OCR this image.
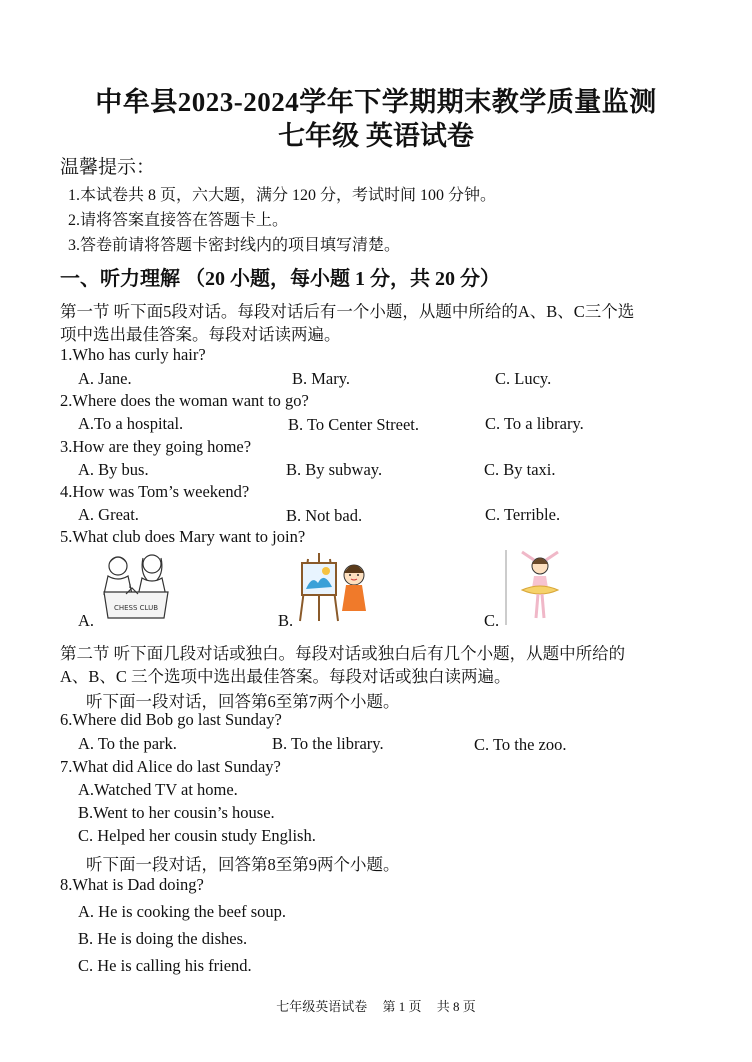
中牟县2023-2024学年下学期期末教学质量监测
七年级 英语试卷
温馨提示：
1.本试卷共 8 页，六大题，满分 120 分，考试时间 100 分钟。
2.请将答案直接答在答题卡上。
3.答卷前请将答题卡密封线内的项目填写清楚。
一、听力理解 （20 小题，每小题 1 分，共 20 分）
第一节 听下面5段对话。每段对话后有一个小题，从题中所给的A、B、C三个选
项中选出最佳答案。每段对话读两遍。
1.Who has curly hair?
A. Jane.	B. Mary.	C. Lucy.
2.Where does the woman want to go?
A.To a hospital.	B. To Center Street.	C. To a library.
3.How are they going home?
A. By bus.	B. By subway.	C. By taxi.
4.How was Tom’s weekend?
A. Great.	B. Not bad.	C. Terrible.
5.What club does Mary want to join?
CHESS CLUB
A.	B.	C.
第二节 听下面几段对话或独白。每段对话或独白后有几个小题，从题中所给的
A、B、C 三个选项中选出最佳答案。每段对话或独白读两遍。
听下面一段对话，回答第6至第7两个小题。
6.Where did Bob go last Sunday?
A. To the park.	B. To the library.	C. To the zoo.
7.What did Alice do last Sunday?
A.Watched TV at home.
B.Went to her cousin’s house.
C. Helped her cousin study English.
听下面一段对话，回答第8至第9两个小题。
8.What is Dad doing?
A. He is cooking the beef soup.
B. He is doing the dishes.
C. He is calling his friend.
七年级英语试卷 第 1 页 共 8 页
